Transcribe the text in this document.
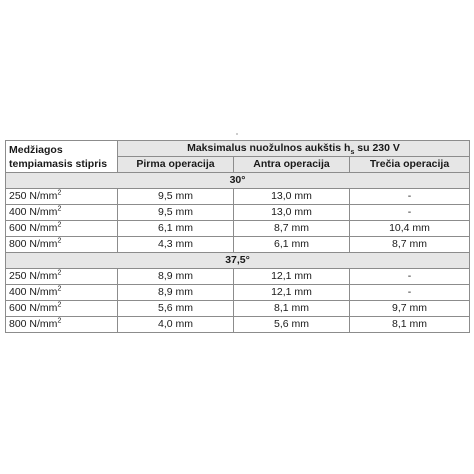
Medžiagos
tempiamasis stipris	Maksimalus nuožulnos aukštis $h_s$ su 230 V		
	Pirma operacija	Antra operacija	Trečia operacija
30°			
250 $N/mm^2$	9,5 mm	13,0 mm	-
400 $N/mm^2$	9,5 mm	13,0 mm	-
600 $N/mm^2$	6,1 mm	8,7 mm	10,4 mm
800 $N/mm^2$	4,3 mm	6,1 mm	8,7 mm
37,5°			
250 $N/mm^2$	8,9 mm	12,1 mm	-
400 $N/mm^2$	8,9 mm	12,1 mm	-
600 $N/mm^2$	5,6 mm	8,1 mm	9,7 mm
800 $N/mm^2$	4,0 mm	5,6 mm	8,1 mm
